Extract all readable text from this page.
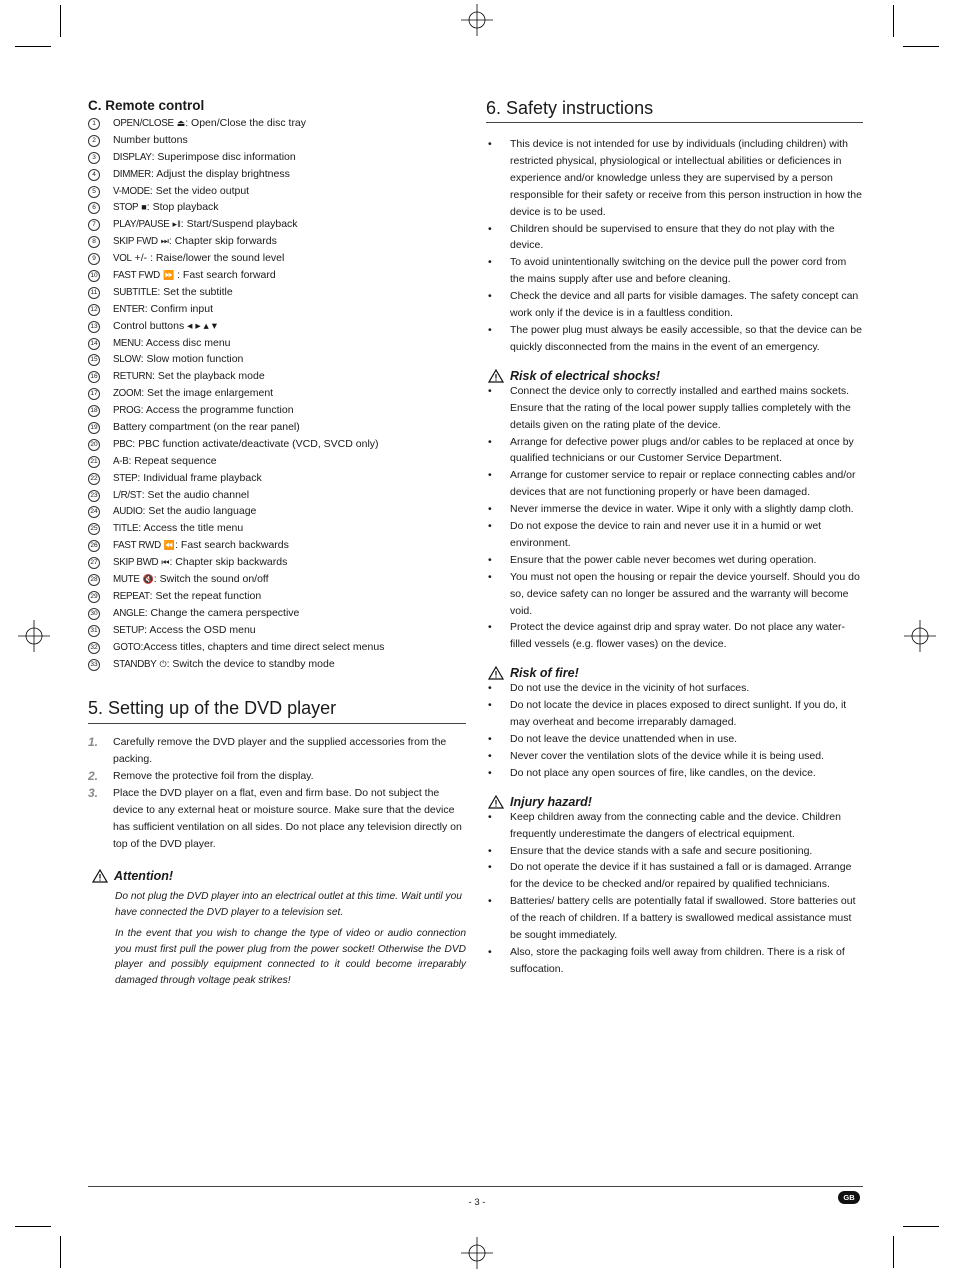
C. Remote control
1	OPEN/CLOSE ⏏: Open/Close the disc tray
2	Number buttons
3	DISPLAY: Superimpose disc information
4	DIMMER: Adjust the display brightness
5	V-MODE: Set the video output
6	STOP ■: Stop playback
7	PLAY/PAUSE ▸‖: Start/Suspend playback
8	SKIP FWD ⏭: Chapter skip forwards
9	VOL +/- : Raise/lower the sound level
10 FAST FWD ⏩ : Fast search forward
11 SUBTITLE: Set the subtitle
12 ENTER: Confirm input
13 Control buttons ◂ ▸ ▴ ▾
14 MENU: Access disc menu
15 SLOW: Slow motion function
16 RETURN: Set the playback mode
17 ZOOM: Set the image enlargement
18 PROG: Access the programme function
19 Battery compartment (on the rear panel)
20 PBC: PBC function activate/deactivate (VCD, SVCD only)
21 A-B: Repeat sequence
22 STEP: Individual frame playback
23 L/R/ST: Set the audio channel
24 AUDIO: Set the audio language
25 TITLE: Access the title menu
26 FAST RWD ⏪: Fast search backwards
27 SKIP BWD ⏮: Chapter skip backwards
28 MUTE 🔇: Switch the sound on/off
29 REPEAT: Set the repeat function
30 ANGLE: Change the camera perspective
31 SETUP: Access the OSD menu
32 GOTO:Access titles, chapters and time direct select menus
33 STANDBY ⏻: Switch the device to standby mode
5. Setting up of the DVD player
1. Carefully remove the DVD player and the supplied accessories from the packing.
2. Remove the protective foil from the display.
3. Place the DVD player on a flat, even and firm base. Do not subject the device to any external heat or moisture source. Make sure that the device has sufficient ventilation on all sides. Do not place any television directly on top of the DVD player.
Attention!
Do not plug the DVD player into an electrical outlet at this time. Wait until you have connected the DVD player to a television set.
In the event that you wish to change the type of video or audio connection you must first pull the power plug from the power socket! Otherwise the DVD player and possibly equipment connected to it could become irreparably damaged through voltage peak strikes!
6. Safety instructions
• This device is not intended for use by individuals (including children) with restricted physical, physiological or intellectual abilities or deficiences in experience and/or knowledge unless they are supervised by a person responsible for their safety or receive from this person instruction in how the device is to be used.
• Children should be supervised to ensure that they do not play with the device.
• To avoid unintentionally switching on the device pull the power cord from the mains supply after use and before cleaning.
• Check the device and all parts for visible damages. The safety concept can work only if the device is in a faultless condition.
• The power plug must always be easily accessible, so that the device can be quickly disconnected from the mains in the event of an emergency.
Risk of electrical shocks!
• Connect the device only to correctly installed and earthed mains sockets. Ensure that the rating of the local power supply tallies completely with the details given on the rating plate of the device.
• Arrange for defective power plugs and/or cables to be replaced at once by qualified technicians or our Customer Service Department.
• Arrange for customer service to repair or replace connecting cables and/or devices that are not functioning properly or have been damaged.
• Never immerse the device in water. Wipe it only with a slightly damp cloth.
• Do not expose the device to rain and never use it in a humid or wet environment.
• Ensure that the power cable never becomes wet during operation.
• You must not open the housing or repair the device yourself. Should you do so, device safety can no longer be assured and the warranty will become void.
• Protect the device against drip and spray water. Do not place any water-filled vessels (e.g. flower vases) on the device.
Risk of fire!
• Do not use the device in the vicinity of hot surfaces.
• Do not locate the device in places exposed to direct sunlight. If you do, it may overheat and become irreparably damaged.
• Do not leave the device unattended when in use.
• Never cover the ventilation slots of the device while it is being used.
• Do not place any open sources of fire, like candles, on the device.
Injury hazard!
• Keep children away from the connecting cable and the device. Children frequently underestimate the dangers of electrical equipment.
• Ensure that the device stands with a safe and secure positioning.
• Do not operate the device if it has sustained a fall or is damaged. Arrange for the device to be checked and/or repaired by qualified technicians.
• Batteries/ battery cells are potentially fatal if swallowed. Store batteries out of the reach of children. If a battery is swallowed medical assistance must be sought immediately.
• Also, store the packaging foils well away from children. There is a risk of suffocation.
- 3 -	GB
